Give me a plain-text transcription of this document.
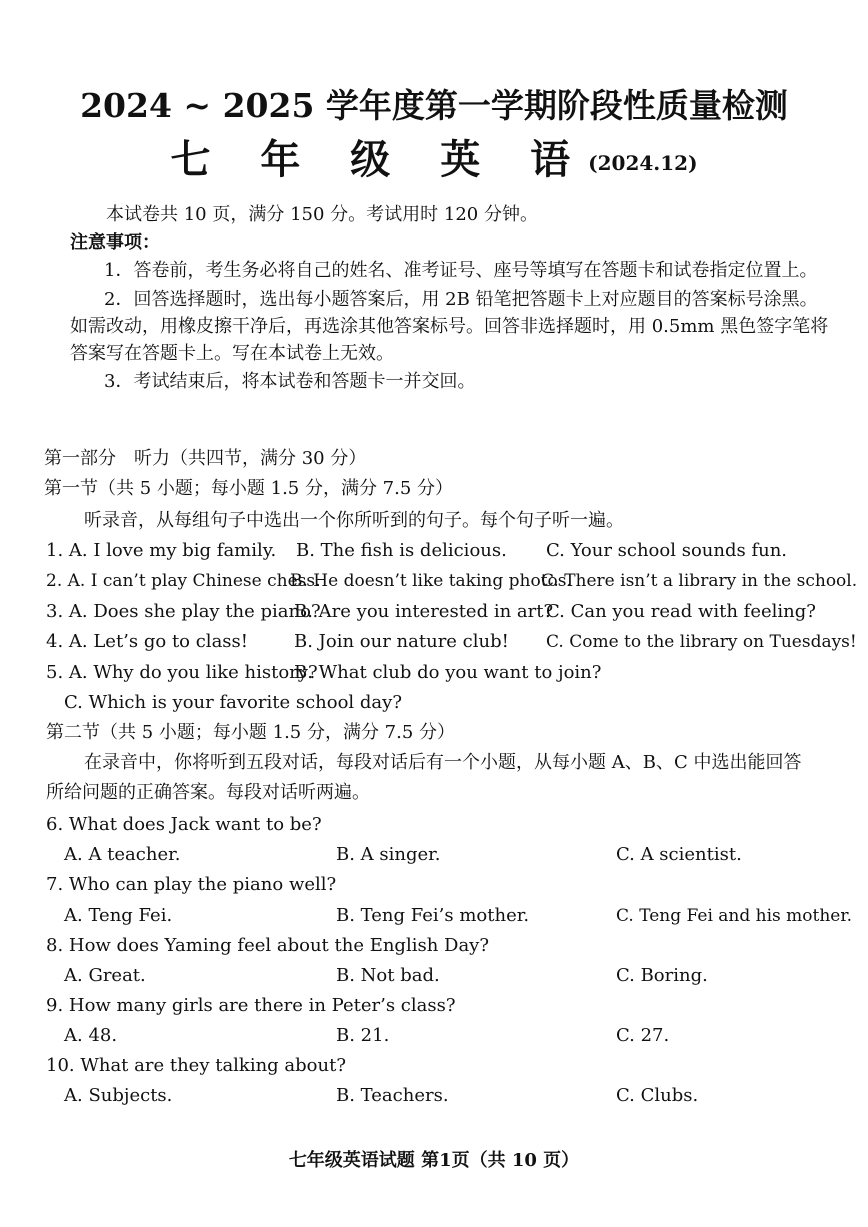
2024 ~ 2025 学年度第一学期阶段性质量检测
七 年 级 英 语(2024.12)
本试卷共 10 页，满分 150 分。考试用时 120 分钟。
注意事项：
1．答卷前，考生务必将自己的姓名、准考证号、座号等填写在答题卡和试卷指定位置上。
2．回答选择题时，选出每小题答案后，用 2B 铅笔把答题卡上对应题目的答案标号涂黑。
如需改动，用橡皮擦干净后，再选涂其他答案标号。回答非选择题时，用 0.5mm 黑色签字笔将
答案写在答题卡上。写在本试卷上无效。
3．考试结束后，将本试卷和答题卡一并交回。
第一部分　听力（共四节，满分 30 分）
第一节（共 5 小题；每小题 1.5 分，满分 7.5 分）
听录音，从每组句子中选出一个你所听到的句子。每个句子听一遍。
1. A. I love my big family. B. The fish is delicious. C. Your school sounds fun.
2. A. I can’t play Chinese chess.
B. He doesn’t like taking photos.
C. There isn’t a library in the school.
3. A. Does she play the piano?
B. Are you interested in art?
C. Can you read with feeling?
4. A. Let’s go to class!	B. Join our nature club! C. Come to the library on Tuesdays!
5. A. Why do you like history?
B. What club do you want to join?
C. Which is your favorite school day?
第二节（共 5 小题；每小题 1.5 分，满分 7.5 分）
在录音中，你将听到五段对话，每段对话后有一个小题，从每小题 A、B、C 中选出能回答
所给问题的正确答案。每段对话听两遍。
6. What does Jack want to be?
A. A teacher.	B. A singer.	C. A scientist.
7. Who can play the piano well?
A. Teng Fei.	B. Teng Fei’s mother.	C. Teng Fei and his mother.
8. How does Yaming feel about the English Day?
A. Great.	B. Not bad.	C. Boring.
9. How many girls are there in Peter’s class?
A. 48.	B. 21.	C. 27.
10. What are they talking about?
A. Subjects.	B. Teachers.	C. Clubs.
七年级英语试题 第1页（共 10 页）
